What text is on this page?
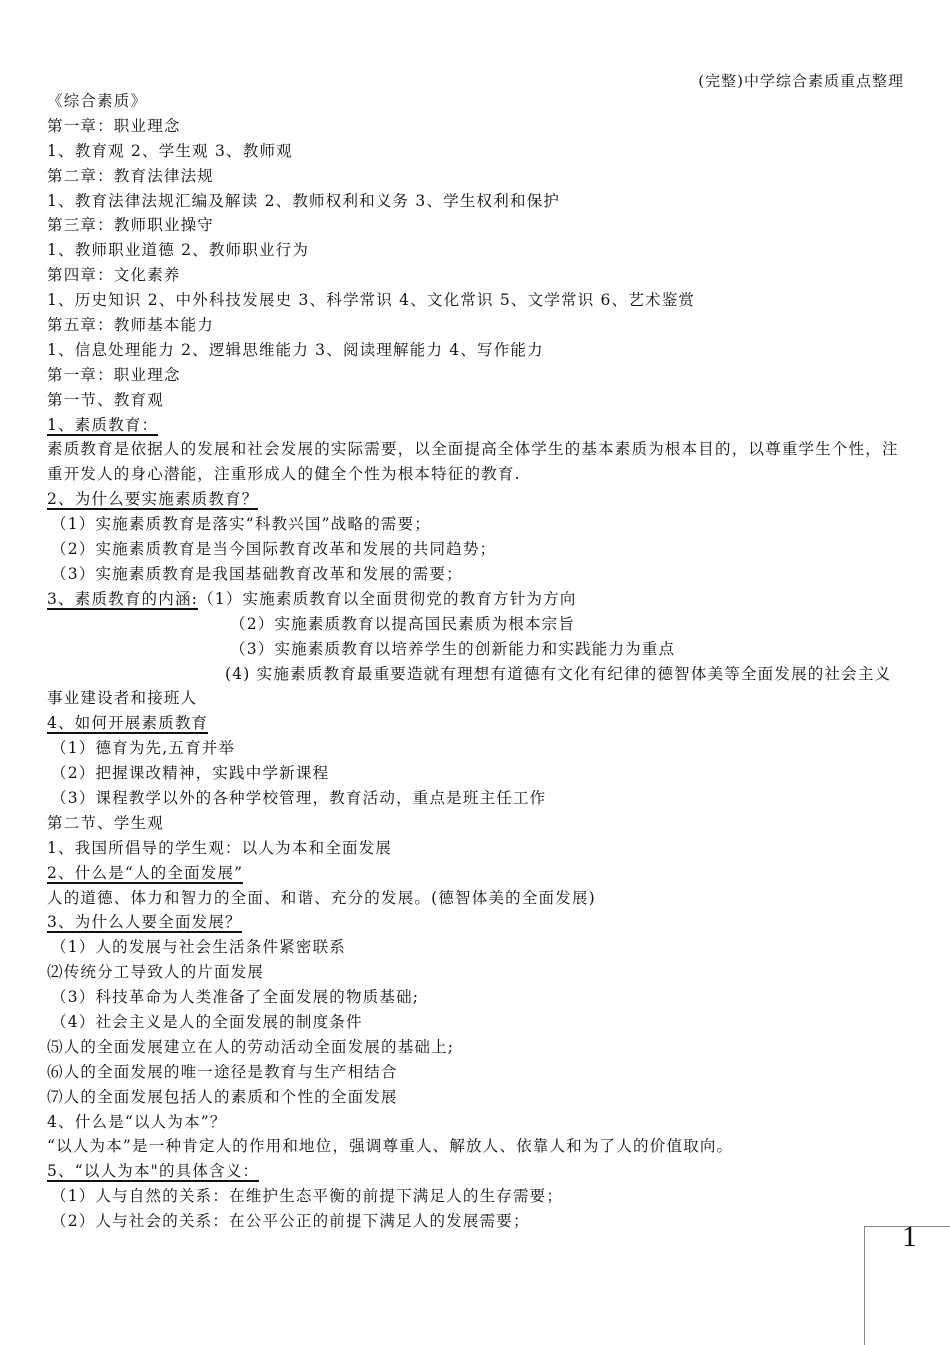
(完整)中学综合素质重点整理
《综合素质》
第一章：职业理念
1、教育观 2、学生观 3、教师观
第二章：教育法律法规
1、教育法律法规汇编及解读 2、教师权利和义务 3、学生权利和保护
第三章：教师职业操守
1、教师职业道德 2、教师职业行为
第四章：文化素养
1、历史知识 2、中外科技发展史 3、科学常识 4、文化常识 5、文学常识 6、艺术鉴赏
第五章：教师基本能力
1、信息处理能力 2、逻辑思维能力 3、阅读理解能力 4、写作能力
第一章：职业理念
第一节、教育观
1、素质教育：
素质教育是依据人的发展和社会发展的实际需要，以全面提高全体学生的基本素质为根本目的，以尊重学生个性，注重开发人的身心潜能，注重形成人的健全个性为根本特征的教育.
2、为什么要实施素质教育？
（1）实施素质教育是落实“科教兴国”战略的需要；
（2）实施素质教育是当今国际教育改革和发展的共同趋势；
（3）实施素质教育是我国基础教育改革和发展的需要；
3、素质教育的内涵:（1）实施素质教育以全面贯彻党的教育方针为方向
（2）实施素质教育以提高国民素质为根本宗旨
（3）实施素质教育以培养学生的创新能力和实践能力为重点
(4) 实施素质教育最重要造就有理想有道德有文化有纪律的德智体美等全面发展的社会主义事业建设者和接班人
4、如何开展素质教育
（1）德育为先,五育并举
（2）把握课改精神，实践中学新课程
（3）课程教学以外的各种学校管理，教育活动，重点是班主任工作
第二节、学生观
1、我国所倡导的学生观：以人为本和全面发展
2、什么是“人的全面发展”
人的道德、体力和智力的全面、和谐、充分的发展。(德智体美的全面发展)
3、为什么人要全面发展？
（1）人的发展与社会生活条件紧密联系
⑵传统分工导致人的片面发展
（3）科技革命为人类准备了全面发展的物质基础;
（4）社会主义是人的全面发展的制度条件
⑸人的全面发展建立在人的劳动活动全面发展的基础上;
⑹人的全面发展的唯一途径是教育与生产相结合
⑺人的全面发展包括人的素质和个性的全面发展
4、什么是“以人为本”？
“以人为本”是一种肯定人的作用和地位，强调尊重人、解放人、依靠人和为了人的价值取向。
5、“以人为本"的具体含义：
（1）人与自然的关系：在维护生态平衡的前提下满足人的生存需要；
（2）人与社会的关系：在公平公正的前提下满足人的发展需要；	1
